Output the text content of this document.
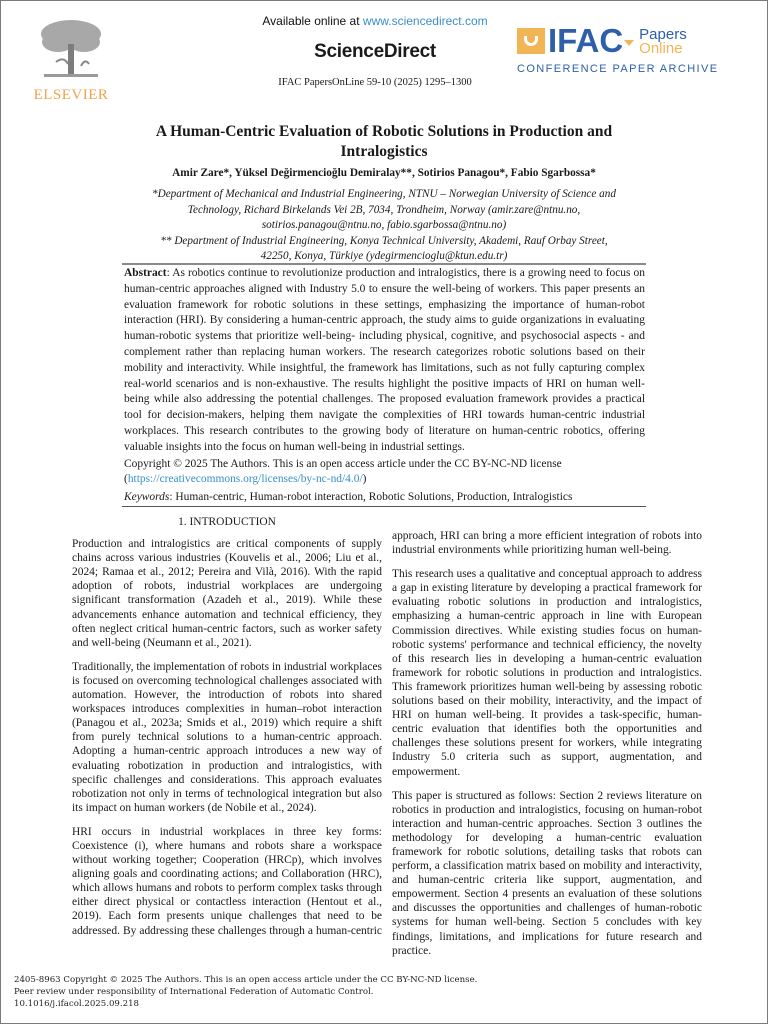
ELSEVIER
Available online at www.sciencedirect.com
ScienceDirect
IFAC PapersOnLine 59-10 (2025) 1295–1300
IFAC Papers
Online
CONFERENCE PAPER ARCHIVE
A Human-Centric Evaluation of Robotic Solutions in Production and
Intralogistics
Amir Zare*, Yüksel Değirmencioğlu Demiralay**, Sotirios Panagou*, Fabio Sgarbossa*
*Department of Mechanical and Industrial Engineering, NTNU – Norwegian University of Science and
Technology, Richard Birkelands Vei 2B, 7034, Trondheim, Norway (amir.zare@ntnu.no,
sotirios.panagou@ntnu.no, fabio.sgarbossa@ntnu.no)
** Department of Industrial Engineering, Konya Technical University, Akademi, Rauf Orbay Street,
42250, Konya, Türkiye (ydegirmencioglu@ktun.edu.tr)
Abstract: As robotics continue to revolutionize production and intralogistics, there is a growing need to focus on human-centric approaches aligned with Industry 5.0 to ensure the well-being of workers. This paper presents an evaluation framework for robotic solutions in these settings, emphasizing the importance of human-robot interaction (HRI). By considering a human-centric approach, the study aims to guide organizations in evaluating human-robotic systems that prioritize well-being- including physical, cognitive, and psychosocial aspects - and complement rather than replacing human workers. The research categorizes robotic solutions based on their mobility and interactivity. While insightful, the framework has limitations, such as not fully capturing complex real-world scenarios and is non-exhaustive. The results highlight the positive impacts of HRI on human well-being while also addressing the potential challenges. The proposed evaluation framework provides a practical tool for decision-makers, helping them navigate the complexities of HRI towards human-centric industrial workplaces. This research contributes to the growing body of literature on human-centric robotics, offering valuable insights into the focus on human well-being in industrial settings.
Copyright © 2025 The Authors. This is an open access article under the CC BY-NC-ND license
(https://creativecommons.org/licenses/by-nc-nd/4.0/)
Keywords: Human-centric, Human-robot interaction, Robotic Solutions, Production, Intralogistics
1. INTRODUCTION

Production and intralogistics are critical components of supply chains across various industries (Kouvelis et al., 2006; Liu et al., 2024; Ramaa et al., 2012; Pereira and Vilà, 2016). With the rapid adoption of robots, industrial workplaces are undergoing significant transformation (Azadeh et al., 2019). While these advancements enhance automation and technical efficiency, they often neglect critical human-centric factors, such as worker safety and well-being (Neumann et al., 2021).

Traditionally, the implementation of robots in industrial workplaces is focused on overcoming technological challenges associated with automation. However, the introduction of robots into shared workspaces introduces complexities in human–robot interaction (Panagou et al., 2023a; Smids et al., 2019) which require a shift from purely technical solutions to a human-centric approach. Adopting a human-centric approach introduces a new way of evaluating robotization in production and intralogistics, with specific challenges and considerations. This approach evaluates robotization not only in terms of technological integration but also its impact on human workers (de Nobile et al., 2024).

HRI occurs in industrial workplaces in three key forms: Coexistence (i), where humans and robots share a workspace without working together; Cooperation (HRCp), which involves aligning goals and coordinating actions; and Collaboration (HRC), which allows humans and robots to perform complex tasks through either direct physical or contactless interaction (Hentout et al., 2019). Each form presents unique challenges that need to be addressed. By addressing these challenges through a human-centric

approach, HRI can bring a more efficient integration of robots into industrial environments while prioritizing human well-being.

This research uses a qualitative and conceptual approach to address a gap in existing literature by developing a practical framework for evaluating robotic solutions in production and intralogistics, emphasizing a human-centric approach in line with European Commission directives. While existing studies focus on human-robotic systems' performance and technical efficiency, the novelty of this research lies in developing a human-centric evaluation framework for robotic solutions in production and intralogistics. This framework prioritizes human well-being by assessing robotic solutions based on their mobility, interactivity, and the impact of HRI on human well-being. It provides a task-specific, human-centric evaluation that identifies both the opportunities and challenges these solutions present for workers, while integrating Industry 5.0 criteria such as support, augmentation, and empowerment.

This paper is structured as follows: Section 2 reviews literature on robotics in production and intralogistics, focusing on human-robot interaction and human-centric approaches. Section 3 outlines the methodology for developing a human-centric evaluation framework for robotic solutions, detailing tasks that robots can perform, a classification matrix based on mobility and interactivity, and human-centric criteria like support, augmentation, and empowerment. Section 4 presents an evaluation of these solutions and discusses the opportunities and challenges of human-robotic systems for human well-being. Section 5 concludes with key findings, limitations, and implications for future research and practice.

2405-8963 Copyright © 2025 The Authors. This is an open access article under the CC BY-NC-ND license.
Peer review under responsibility of International Federation of Automatic Control.
10.1016/j.ifacol.2025.09.218
